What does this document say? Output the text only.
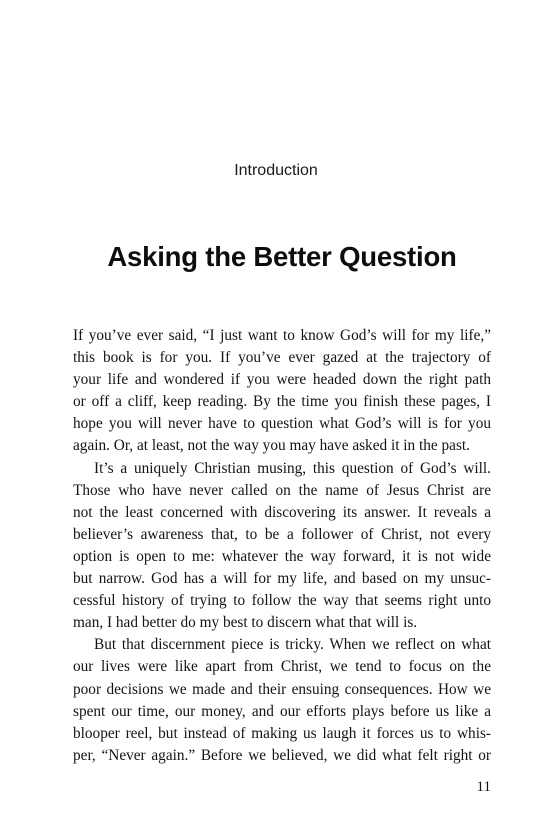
Introduction
Asking the Better Question
If you’ve ever said, “I just want to know God’s will for my life,”
this book is for you. If you’ve ever gazed at the trajectory of
your life and wondered if you were headed down the right path
or off a cliff, keep reading. By the time you finish these pages, I
hope you will never have to question what God’s will is for you
again. Or, at least, not the way you may have asked it in the past.
It’s a uniquely Christian musing, this question of God’s will.
Those who have never called on the name of Jesus Christ are
not the least concerned with discovering its answer. It reveals a
believer’s awareness that, to be a follower of Christ, not every
option is open to me: whatever the way forward, it is not wide
but narrow. God has a will for my life, and based on my unsuc-
cessful history of trying to follow the way that seems right unto
man, I had better do my best to discern what that will is.
But that discernment piece is tricky. When we reflect on what
our lives were like apart from Christ, we tend to focus on the
poor decisions we made and their ensuing consequences. How we
spent our time, our money, and our efforts plays before us like a
blooper reel, but instead of making us laugh it forces us to whis-
per, “Never again.” Before we believed, we did what felt right or
11
